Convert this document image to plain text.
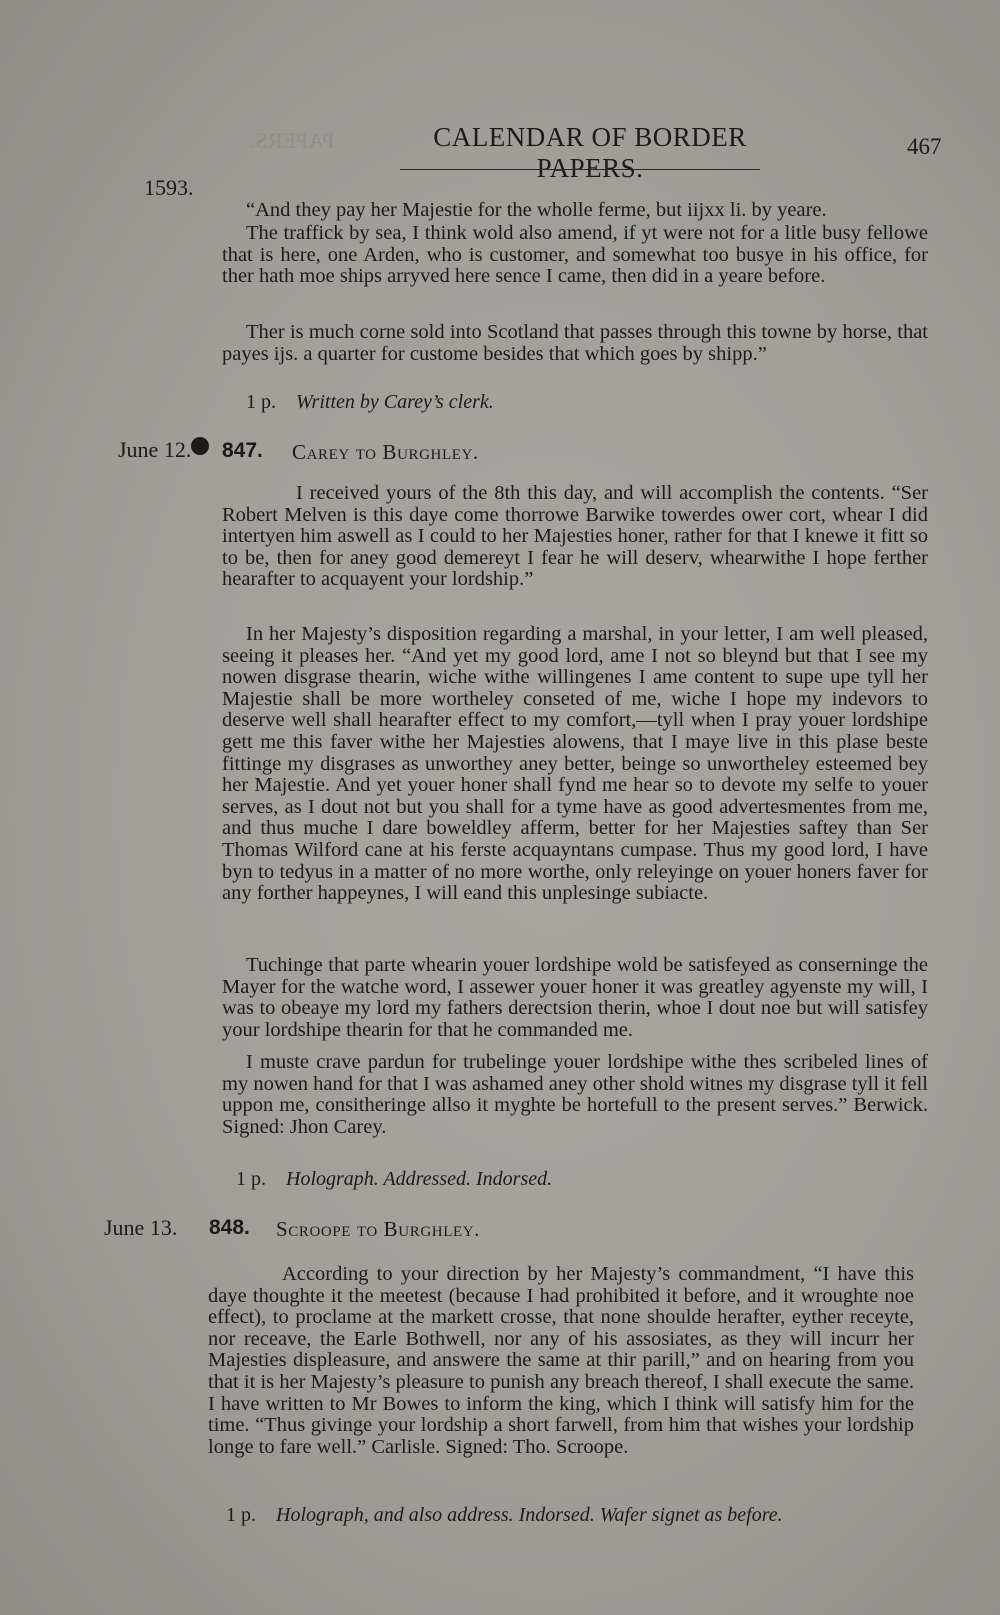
PAPERS.	CALENDAR OF BORDER PAPERS.
467
1593.

“And they pay her Majestie for the wholle ferme, but iijxx li. by yeare.

The traffick by sea, I think wold also amend, if yt were not for a litle busy fellowe that is here, one Arden, who is customer, and somewhat too busye in his office, for ther hath moe ships arryved here sence I came, then did in a yeare before.

Ther is much corne sold into Scotland that passes through this towne by horse, that payes ijs. a quarter for custome besides that which goes by shipp.”

1 p. Written by Carey’s clerk.
June 12. 847. Carey to Burghley.

I received yours of the 8th this day, and will accomplish the contents. “Ser Robert Melven is this daye come thorrowe Barwike towerdes ower cort, whear I did intertyen him aswell as I could to her Majesties honer, rather for that I knewe it fitt so to be, then for aney good demereyt I fear he will deserv, whearwithe I hope ferther hearafter to acquayent your lordship.”

In her Majesty’s disposition regarding a marshal, in your letter, I am well pleased, seeing it pleases her. “And yet my good lord, ame I not so bleynd but that I see my nowen disgrase thearin, wiche withe willingenes I ame content to supe upe tyll her Majestie shall be more wortheley conseted of me, wiche I hope my indevors to deserve well shall hearafter effect to my comfort,—tyll when I pray youer lordshipe gett me this faver withe her Majesties alowens, that I maye live in this plase beste fittinge my disgrases as unworthey aney better, beinge so unwortheley esteemed bey her Majestie. And yet youer honer shall fynd me hear so to devote my selfe to youer serves, as I dout not but you shall for a tyme have as good advertesmentes from me, and thus muche I dare boweldley afferm, better for her Majesties saftey than Ser Thomas Wilford cane at his ferste acquayntans cumpase. Thus my good lord, I have byn to tedyus in a matter of no more worthe, only releyinge on youer honers faver for any forther happeynes, I will eand this unplesinge subiacte.

Tuchinge that parte whearin youer lordshipe wold be satisfeyed as conserninge the Mayer for the watche word, I assewer youer honer it was greatley agyenste my will, I was to obeaye my lord my fathers derectsion therin, whoe I dout noe but will satisfey your lordshipe thearin for that he commanded me.

I muste crave pardun for trubelinge youer lordshipe withe thes scribeled lines of my nowen hand for that I was ashamed aney other shold witnes my disgrase tyll it fell uppon me, consitheringe allso it myghte be hortefull to the present serves.” Berwick. Signed: Jhon Carey.

1 p. Holograph. Addressed. Indorsed.
June 13. 848. Scroope to Burghley.

According to your direction by her Majesty’s commandment, “I have this daye thoughte it the meetest (because I had prohibited it before, and it wroughte noe effect), to proclame at the markett crosse, that none shoulde herafter, eyther receyte, nor receave, the Earle Bothwell, nor any of his assosiates, as they will incurr her Majesties displeasure, and answere the same at thir parill,” and on hearing from you that it is her Majesty’s pleasure to punish any breach thereof, I shall execute the same. I have written to Mr Bowes to inform the king, which I think will satisfy him for the time. “Thus givinge your lordship a short farwell, from him that wishes your lordship longe to fare well.” Carlisle. Signed: Tho. Scroope.

1 p. Holograph, and also address. Indorsed. Wafer signet as before.
